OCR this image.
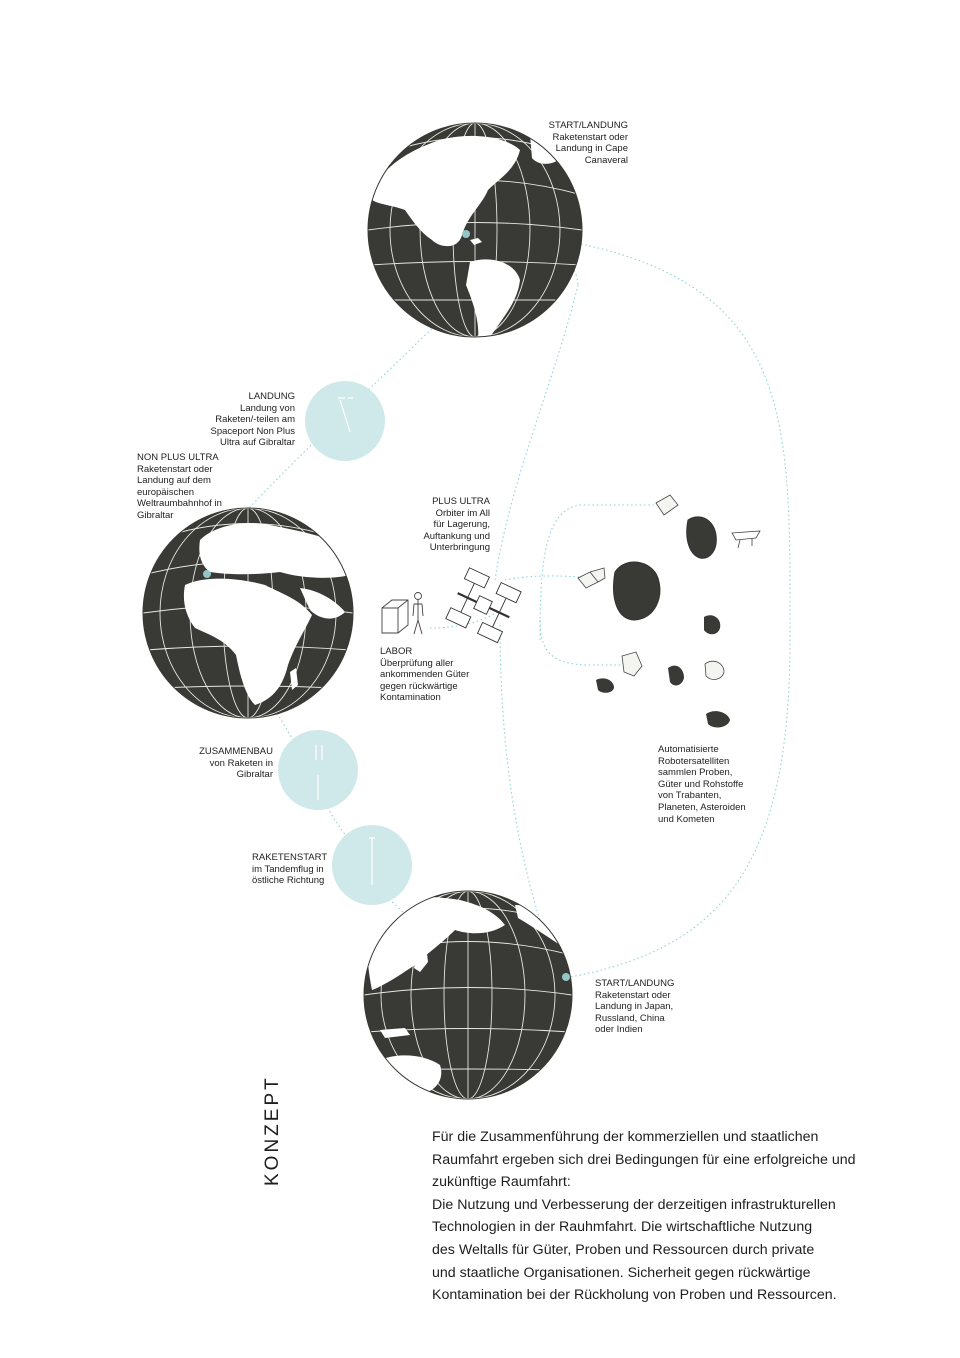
START/LANDUNG
Raketenstart oder
Landung in Cape
Canaveral
LANDUNG
Landung von
Raketen/-teilen am
Spaceport Non Plus
Ultra auf Gibraltar
NON PLUS ULTRA
Raketenstart oder
Landung auf dem
europäischen
Weltraumbahnhof in
Gibraltar
PLUS ULTRA
Orbiter im All
für Lagerung,
Auftankung und
Unterbringung
LABOR
Überprüfung aller
ankommenden Güter
gegen rückwärtige
Kontamination
Automatisierte
Robotersatelliten
sammlen Proben,
Güter und Rohstoffe
von Trabanten,
Planeten, Asteroiden
und Kometen
ZUSAMMENBAU
von Raketen in
Gibraltar
RAKETENSTART
im Tandemflug in
östliche Richtung
START/LANDUNG
Raketenstart oder
Landung in Japan,
Russland, China
oder Indien
KONZEPT	Für die Zusammenführung der kommerziellen und staatlichen
Raumfahrt ergeben sich drei Bedingungen für eine erfolgreiche und
zukünftige Raumfahrt:
Die Nutzung und Verbesserung der derzeitigen infrastrukturellen
Technologien in der Rauhmfahrt. Die wirtschaftliche Nutzung
des Weltalls für Güter, Proben und Ressourcen durch private
und staatliche Organisationen. Sicherheit gegen rückwärtige
Kontamination bei der Rückholung von Proben und Ressourcen.
